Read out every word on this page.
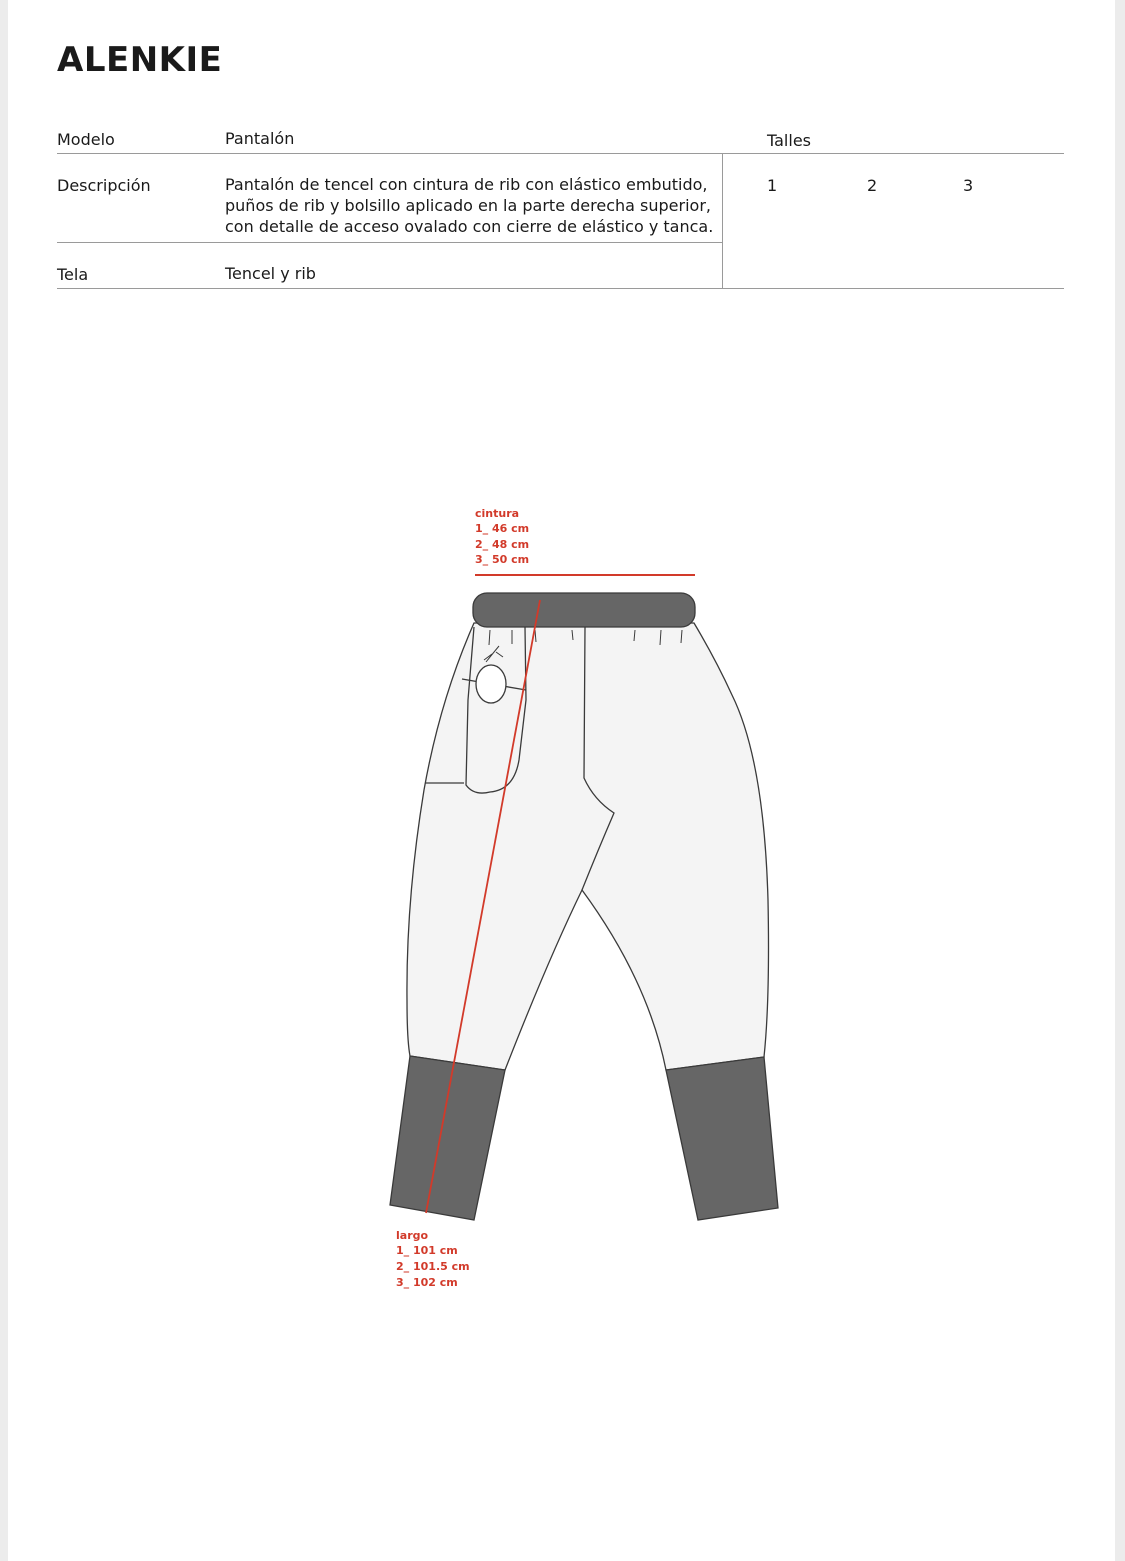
ALENKIE
Modelo	Pantalón	Talles
Descripción	Pantalón de tencel con cintura de rib con elástico embutido,
puños de rib y bolsillo aplicado en la parte derecha superior,
con detalle de acceso ovalado con cierre de elástico y tanca.
1	2	3
Tela	Tencel y rib
cintura
1_ 46 cm
2_ 48 cm
3_ 50 cm
largo
1_ 101 cm
2_ 101.5 cm
3_ 102 cm
